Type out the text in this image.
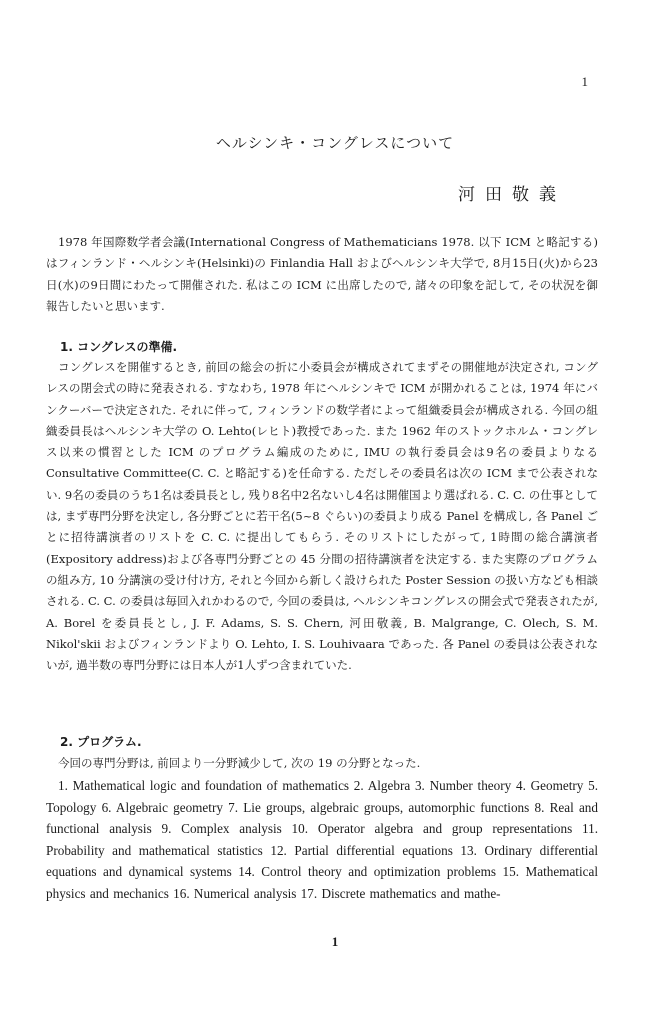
1
ヘルシンキ・コングレスについて
河田敬義
1978 年国際数学者会議(International Congress of Mathematicians 1978. 以下 ICM と略記する)はフィンランド・ヘルシンキ(Helsinki)の Finlandia Hall およびヘルシンキ大学で, 8月15日(火)から23日(水)の9日間にわたって開催された. 私はこの ICM に出席したので, 諸々の印象を記して, その状況を御報告したいと思います.
1. コングレスの準備.
コングレスを開催するとき, 前回の総会の折に小委員会が構成されてまずその開催地が決定され, コングレスの閉会式の時に発表される. すなわち, 1978 年にヘルシンキで ICM が開かれることは, 1974 年にバンクーバーで決定された. それに伴って, フィンランドの数学者によって組織委員会が構成される. 今回の組織委員長はヘルシンキ大学の O. Lehto(レヒト)教授であった. また 1962 年のストックホルム・コングレス以来の慣習とした ICM のプログラム編成のために, IMU の執行委員会は9名の委員よりなる Consultative Committee(C. C. と略記する)を任命する. ただしその委員名は次の ICM まで公表されない. 9名の委員のうち1名は委員長とし, 残り8名中2名ないし4名は開催国より選ばれる. C. C. の仕事としては, まず専門分野を決定し, 各分野ごとに若干名(5~8 ぐらい)の委員より成る Panel を構成し, 各 Panel ごとに招待講演者のリストを C. C. に提出してもらう. そのリストにしたがって, 1時間の総合講演者(Expository address)および各専門分野ごとの 45 分間の招待講演者を決定する. また実際のプログラムの組み方, 10 分講演の受け付け方, それと今回から新しく設けられた Poster Session の扱い方なども相談される. C. C. の委員は毎回入れかわるので, 今回の委員は, ヘルシンキコングレスの開会式で発表されたが, A. Borel を委員長とし, J. F. Adams, S. S. Chern, 河田敬義, B. Malgrange, C. Olech, S. M. Nikol'skii およびフィンランドより O. Lehto, I. S. Louhivaara であった. 各 Panel の委員は公表されないが, 過半数の専門分野には日本人が1人ずつ含まれていた.
2. プログラム.
今回の専門分野は, 前回より一分野減少して, 次の 19 の分野となった.
1. Mathematical logic and foundation of mathematics 2. Algebra 3. Number theory 4. Geometry 5. Topology 6. Algebraic geometry 7. Lie groups, algebraic groups, automorphic functions 8. Real and functional analysis 9. Complex analysis 10. Operator algebra and group representations 11. Probability and mathematical statistics 12. Partial differential equations 13. Ordinary differential equations and dynamical systems 14. Control theory and optimization problems 15. Mathematical physics and mechanics 16. Numerical analysis 17. Discrete mathematics and mathe-
1
